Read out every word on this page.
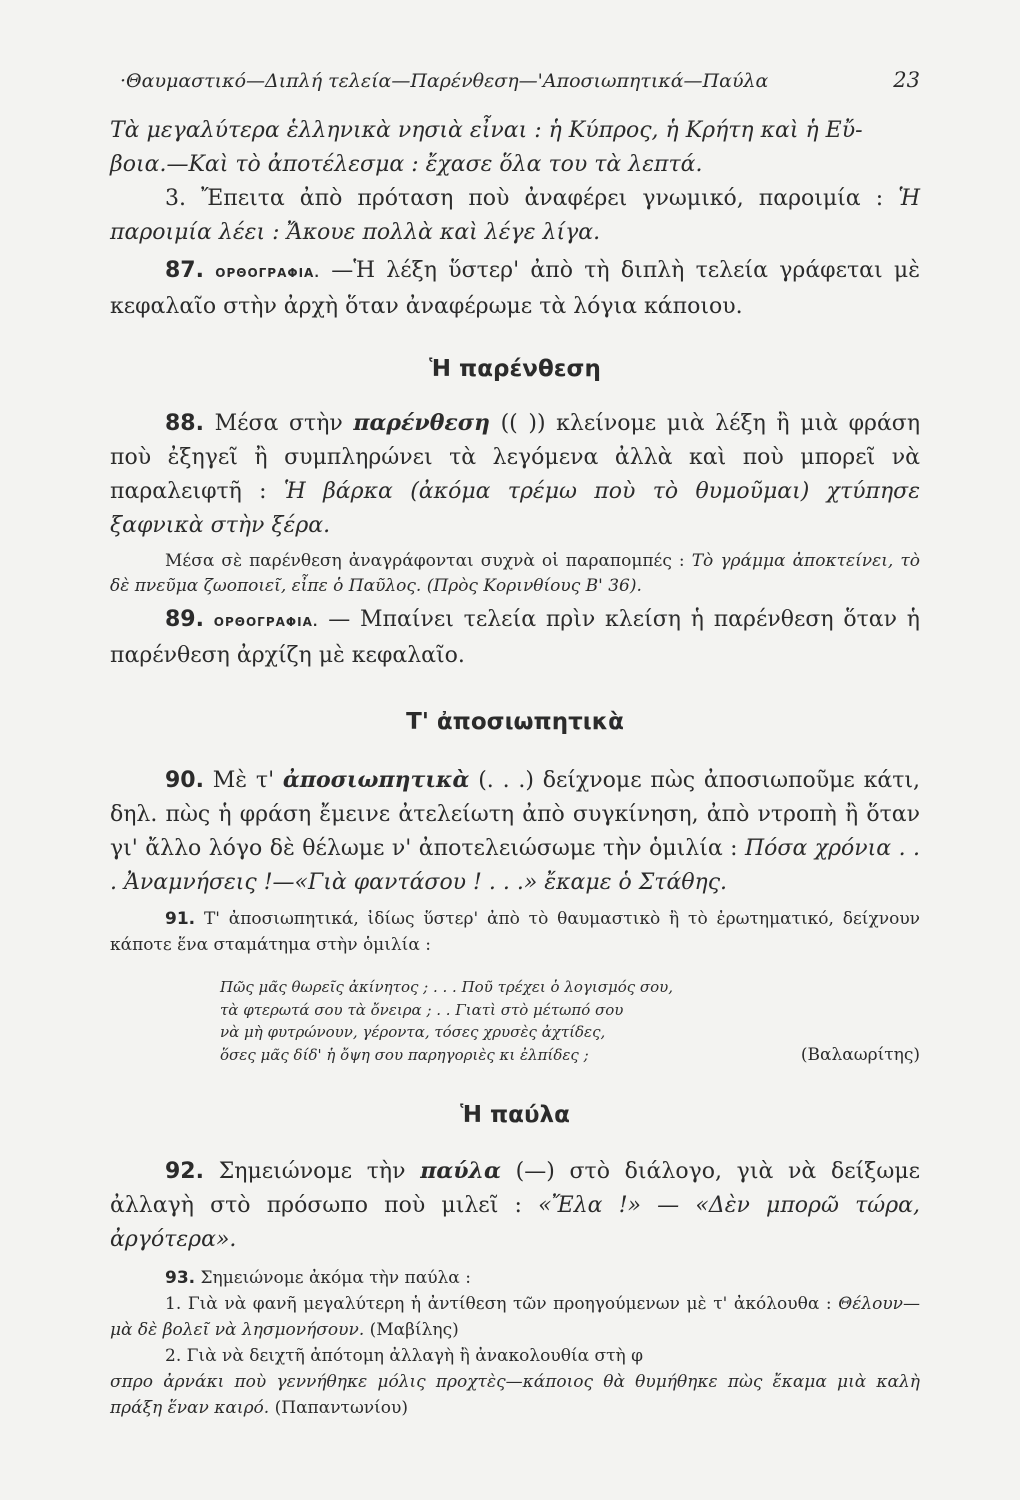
·Θαυμαστικό—Διπλή τελεία—Παρένθεση—'Αποσιωπητικά—Παύλα	23

Τὰ μεγαλύτερα ἑλληνικὰ νησιὰ εἶναι : ἡ Κύπρος, ἡ Κρήτη καὶ ἡ Εὔ-
βοια.—Καὶ τὸ ἀποτέλεσμα : ἔχασε ὅλα του τὰ λεπτά.

3. Ἔπειτα ἀπὸ πρόταση ποὺ ἀναφέρει γνωμικό, παροιμία : Ἡ παροιμία λέει : Ἄκουε πολλὰ καὶ λέγε λίγα.

87. ΟΡΘΟΓΡΑΦΙΑ. —Ἡ λέξη ὕστερ' ἀπὸ τὴ διπλὴ τελεία γράφεται μὲ κεφαλαῖο στὴν ἀρχὴ ὅταν ἀναφέρωμε τὰ λόγια κάποιου.

Ἡ παρένθεση

88. Μέσα στὴν παρένθεση (( )) κλείνομε μιὰ λέξη ἢ μιὰ φράση ποὺ ἐξηγεῖ ἢ συμπληρώνει τὰ λεγόμενα ἀλλὰ καὶ ποὺ μπορεῖ νὰ παραλειφτῆ : Ἡ βάρκα (ἀκόμα τρέμω ποὺ τὸ θυμοῦμαι) χτύπησε ξαφνικὰ στὴν ξέρα.

Μέσα σὲ παρένθεση ἀναγράφονται συχνὰ οἱ παραπομπές : Τὸ γράμμα ἀποκτείνει, τὸ δὲ πνεῦμα ζωοποιεῖ, εἶπε ὁ Παῦλος. (Πρὸς Κορινθίους Β' 36).

89. ΟΡΘΟΓΡΑΦΙΑ. — Μπαίνει τελεία πρὶν κλείση ἡ παρένθεση ὅταν ἡ παρένθεση ἀρχίζη μὲ κεφαλαῖο.

Τ' ἀποσιωπητικὰ

90. Μὲ τ' ἀποσιωπητικὰ (. . .) δείχνομε πὼς ἀποσιωποῦμε κάτι, δηλ. πὼς ἡ φράση ἔμεινε ἀτελείωτη ἀπὸ συγκίνηση, ἀπὸ ντροπὴ ἢ ὅταν γι' ἄλλο λόγο δὲ θέλωμε ν' ἀποτελειώσωμε τὴν ὁμιλία : Πόσα χρόνια . . . Ἀναμνήσεις !—«Γιὰ φαντάσου ! . . .» ἔκαμε ὁ Στάθης.

91. Τ' ἀποσιωπητικά, ἰδίως ὕστερ' ἀπὸ τὸ θαυμαστικὸ ἢ τὸ ἐρωτηματικό, δείχνουν κάποτε ἕνα σταμάτημα στὴν ὁμιλία :

Πῶς μᾶς θωρεῖς ἀκίνητος ; . . . Ποῦ τρέχει ὁ λογισμός σου,
τὰ φτερωτά σου τὰ ὄνειρα ; . . Γιατὶ στὸ μέτωπό σου
νὰ μὴ φυτρώνουν, γέροντα, τόσες χρυσὲς ἀχτίδες,
ὅσες μᾶς δίδ' ἡ ὄψη σου παρηγοριὲς κι ἐλπίδες ;	(Βαλαωρίτης)
Ἡ παύλα

92. Σημειώνομε τὴν παύλα (—) στὸ διάλογο, γιὰ νὰ δείξωμε ἀλλαγὴ στὸ πρόσωπο ποὺ μιλεῖ : «Ἔλα !» — «Δὲν μπορῶ τώρα, ἀργότερα».

93. Σημειώνομε ἀκόμα τὴν παύλα :

1. Γιὰ νὰ φανῆ μεγαλύτερη ἡ ἀντίθεση τῶν προηγούμενων μὲ τ' ἀκόλουθα : Θέλουν—μὰ δὲ βολεῖ νὰ λησμονήσουν. (Μαβίλης)

2. Γιὰ νὰ δειχτῆ ἀπότομη ἀλλαγὴ ἢ ἀνακολουθία στὴ φ
σπρο ἀρνάκι ποὺ γεννήθηκε μόλις προχτὲς—κάποιος θὰ θυμήθηκε πὼς ἔκαμα μιὰ καλὴ πράξη ἕναν καιρό. (Παπαντωνίου)
